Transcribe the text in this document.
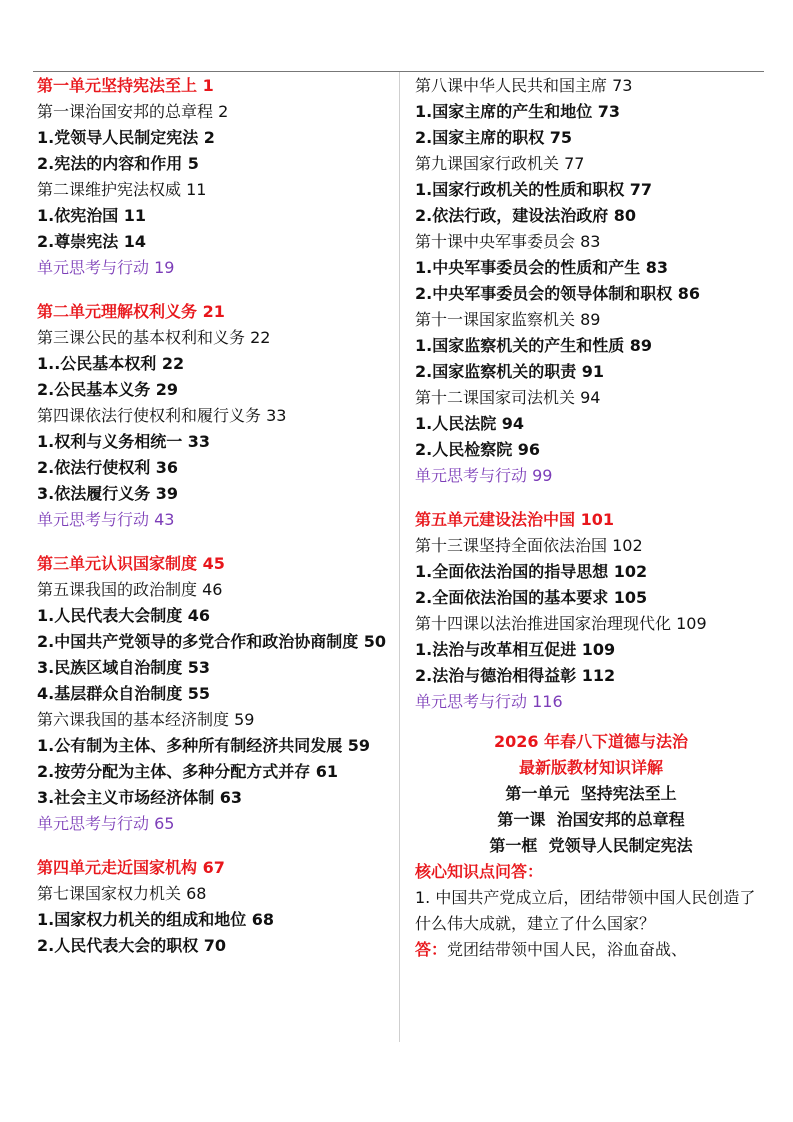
第一单元坚持宪法至上 1
第一课治国安邦的总章程 2
1.党领导人民制定宪法 2
2.宪法的内容和作用 5
第二课维护宪法权威 11
1.依宪治国 11
2.尊崇宪法 14
单元思考与行动 19
第二单元理解权利义务 21
第三课公民的基本权利和义务 22
1..公民基本权利 22
2.公民基本义务 29
第四课依法行使权利和履行义务 33
1.权利与义务相统一 33
2.依法行使权利 36
3.依法履行义务 39
单元思考与行动 43
第三单元认识国家制度 45
第五课我国的政治制度 46
1.人民代表大会制度 46
2.中国共产党领导的多党合作和政治协商制度 50
3.民族区域自治制度 53
4.基层群众自治制度 55
第六课我国的基本经济制度 59
1.公有制为主体、多种所有制经济共同发展 59
2.按劳分配为主体、多种分配方式并存 61
3.社会主义市场经济体制 63
单元思考与行动 65
第四单元走近国家机构 67
第七课国家权力机关 68
1.国家权力机关的组成和地位 68
2.人民代表大会的职权 70
第八课中华人民共和国主席 73
1.国家主席的产生和地位 73
2.国家主席的职权 75
第九课国家行政机关 77
1.国家行政机关的性质和职权 77
2.依法行政，建设法治政府 80
第十课中央军事委员会 83
1.中央军事委员会的性质和产生 83
2.中央军事委员会的领导体制和职权 86
第十一课国家监察机关 89
1.国家监察机关的产生和性质 89
2.国家监察机关的职责 91
第十二课国家司法机关 94
1.人民法院 94
2.人民检察院 96
单元思考与行动 99
第五单元建设法治中国 101
第十三课坚持全面依法治国 102
1.全面依法治国的指导思想 102
2.全面依法治国的基本要求 105
第十四课以法治推进国家治理现代化 109
1.法治与改革相互促进 109
2.法治与德治相得益彰 112
单元思考与行动 116
2026 年春八下道德与法治
最新版教材知识详解
第一单元  坚持宪法至上
第一课  治国安邦的总章程
第一框  党领导人民制定宪法
核心知识点问答：
1. 中国共产党成立后，团结带领中国人民创造了什么伟大成就，建立了什么国家？
答：党团结带领中国人民，浴血奋战、
